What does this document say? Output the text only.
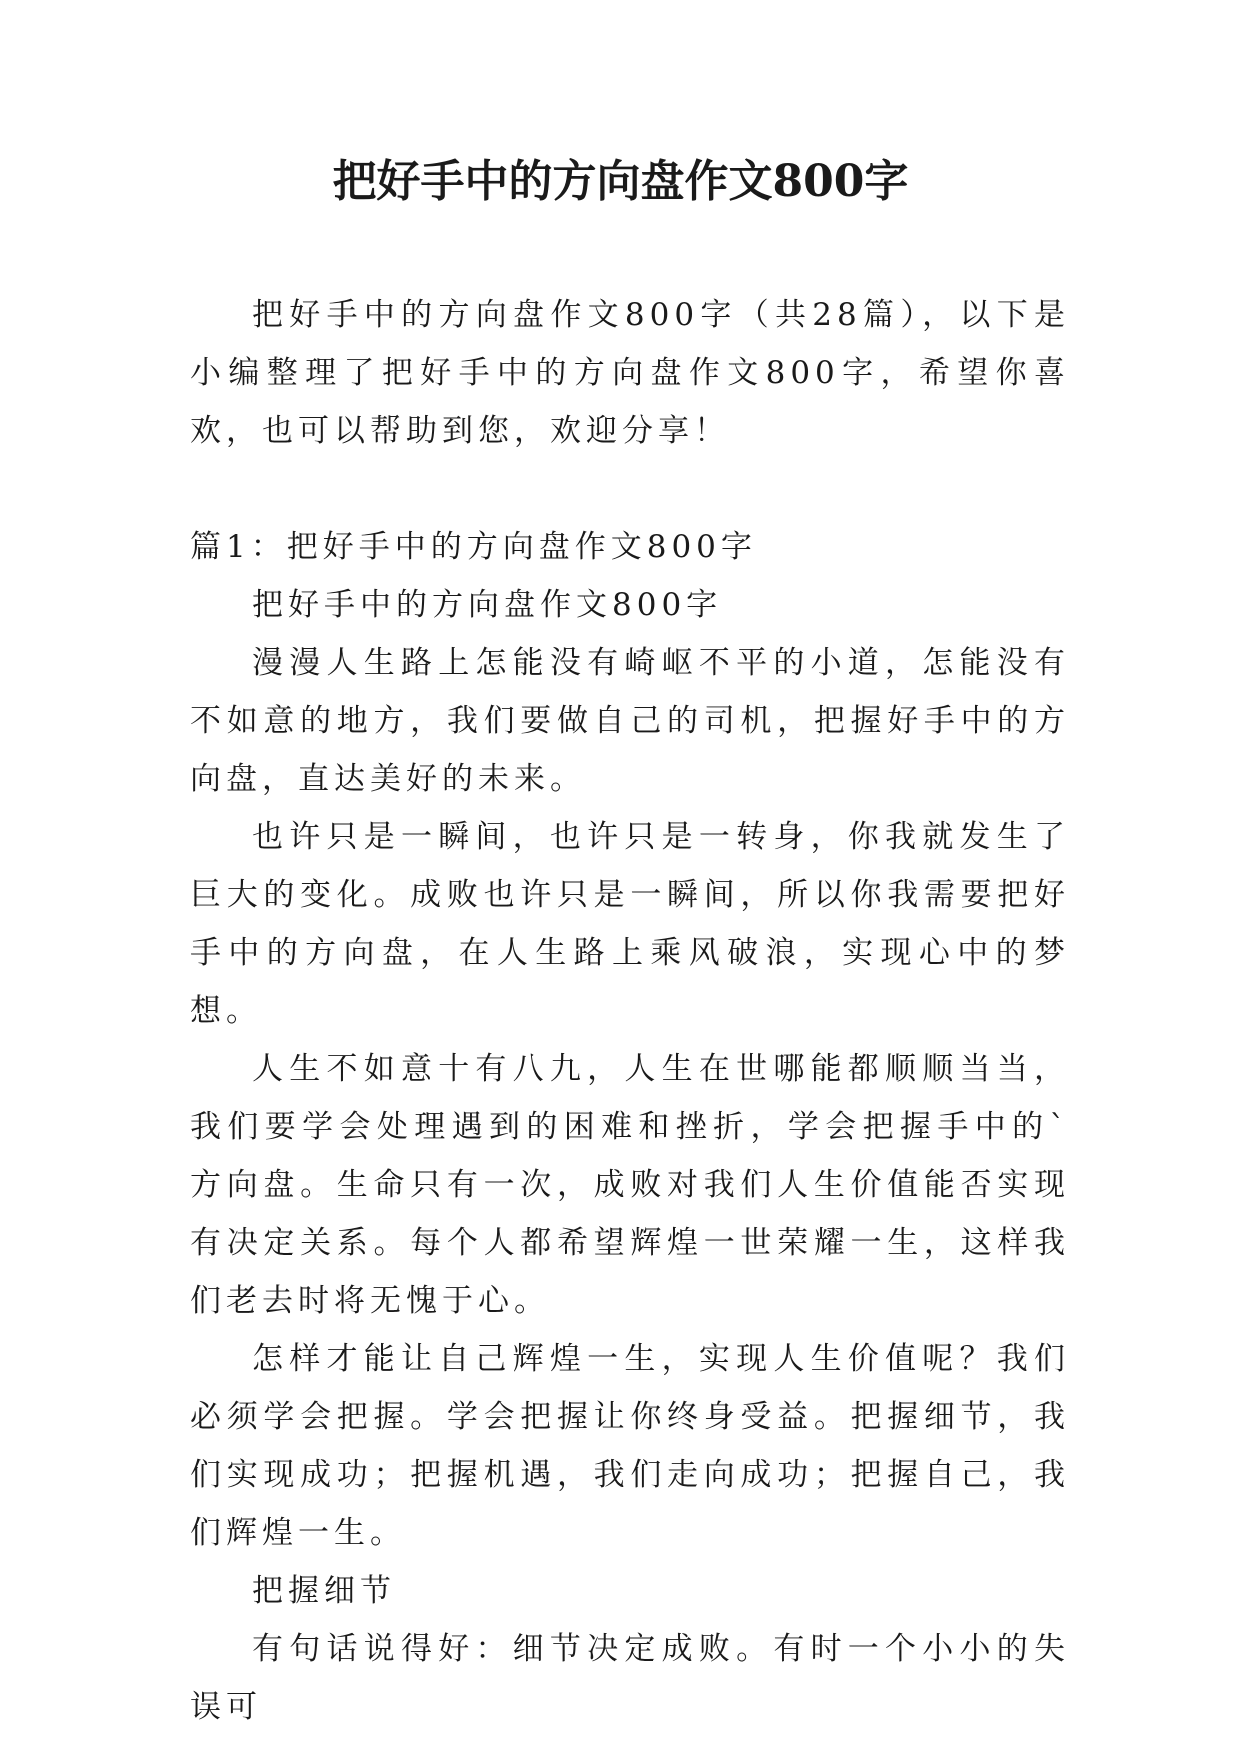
把好手中的方向盘作文800字

把好手中的方向盘作文800字（共28篇），以下是小编整理了把好手中的方向盘作文800字，希望你喜欢，也可以帮助到您，欢迎分享！

篇1：把好手中的方向盘作文800字

把好手中的方向盘作文800字

漫漫人生路上怎能没有崎岖不平的小道，怎能没有不如意的地方，我们要做自己的司机，把握好手中的方向盘，直达美好的未来。

也许只是一瞬间，也许只是一转身，你我就发生了巨大的变化。成败也许只是一瞬间，所以你我需要把好手中的方向盘，在人生路上乘风破浪，实现心中的梦想。

人生不如意十有八九，人生在世哪能都顺顺当当，我们要学会处理遇到的困难和挫折，学会把握手中的`方向盘。生命只有一次，成败对我们人生价值能否实现有决定关系。每个人都希望辉煌一世荣耀一生，这样我们老去时将无愧于心。

怎样才能让自己辉煌一生，实现人生价值呢？我们必须学会把握。学会把握让你终身受益。把握细节，我们实现成功；把握机遇，我们走向成功；把握自己，我们辉煌一生。

把握细节

有句话说得好：细节决定成败。有时一个小小的失误可
